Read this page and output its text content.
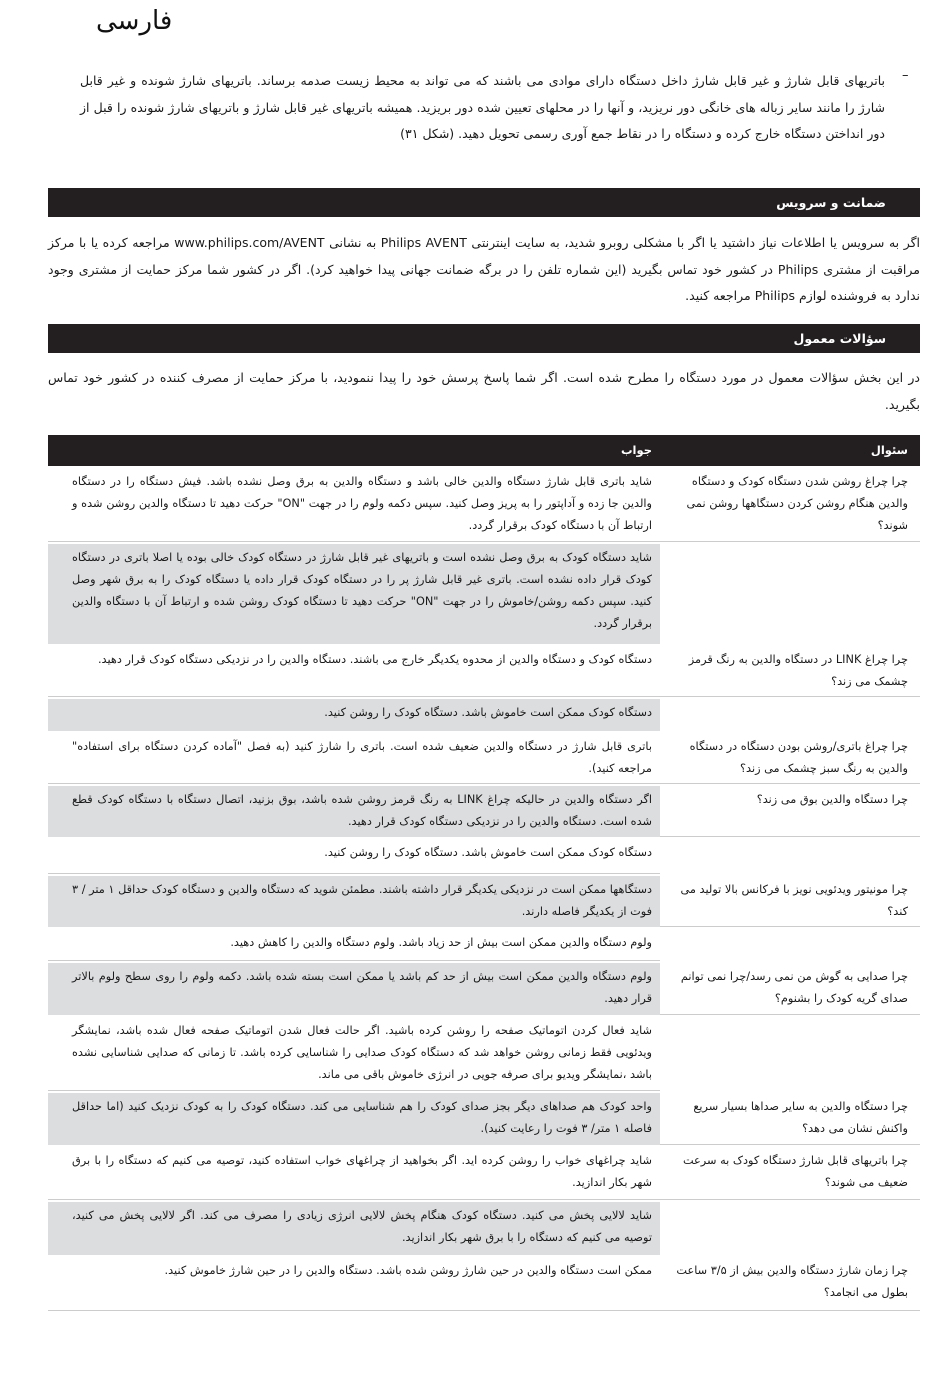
فارسی
–

باتریهای قابل شارژ و غیر قابل شارژ داخل دستگاه دارای موادی می باشند که می تواند به محیط زیست صدمه برساند. باتریهای شارژ شونده و غیر قابل شارژ را مانند سایر زباله های خانگی دور نریزید، و آنها را در محلهای تعیین شده دور بریزید. همیشه باتریهای غیر قابل شارژ و باتریهای شارژ شونده را قبل از دور انداختن دستگاه خارج کرده و دستگاه را در نقاط جمع آوری رسمی تحویل دهید. (شکل ۳۱)

ضمانت و سرویس

اگر به سرویس یا اطلاعات نیاز داشتید یا اگر با مشکلی روبرو شدید، به سایت اینترنتی Philips AVENT به نشانی www.philips.com/AVENT مراجعه کرده یا با مرکز مراقبت از مشتری Philips در کشور خود تماس بگیرید (این شماره تلفن را در برگه ضمانت جهانی پیدا خواهید کرد). اگر در کشور شما مرکز حمایت از مشتری وجود ندارد به فروشنده لوازم Philips مراجعه کنید.

سؤالات معمول

در این بخش سؤالات معمول در مورد دستگاه را مطرح شده است. اگر شما پاسخ پرسش خود را پیدا ننمودید، با مرکز حمایت از مصرف کننده در کشور خود تماس بگیرید.

سئوال
جواب
چرا چراغ روشن شدن دستگاه کودک و دستگاه والدین هنگام روشن کردن دستگاهها روشن نمی شوند؟
شاید باتری قابل شارژ دستگاه والدین خالی باشد و دستگاه والدین به برق وصل نشده باشد. فیش دستگاه را در دستگاه والدین جا زده و آداپتور را به پریز وصل کنید. سپس دکمه ولوم را در جهت "ON" حرکت دهید تا دستگاه والدین روشن شده و ارتباط آن با دستگاه کودک برقرار گردد.
شاید دستگاه کودک به برق وصل نشده است و باتریهای غیر قابل شارژ در دستگاه کودک خالی بوده یا اصلا باتری در دستگاه کودک قرار داده نشده است. باتری غیر قابل شارژ پر را در دستگاه کودک قرار داده یا دستگاه کودک را به برق شهر وصل کنید. سپس دکمه روشن/خاموش را در جهت "ON" حرکت دهید تا دستگاه کودک روشن شده و ارتباط آن با دستگاه والدین برقرار گردد.
چرا چراغ LINK در دستگاه والدین به رنگ قرمز چشمک می زند؟
دستگاه کودک و دستگاه والدین از محدوه یکدیگر خارج می باشند. دستگاه والدین را در نزدیکی دستگاه کودک قرار دهید.
دستگاه کودک ممکن است خاموش باشد. دستگاه کودک را روشن کنید.
چرا چراغ باتری/روشن بودن دستگاه در دستگاه والدین به رنگ سبز چشمک می زند؟
باتری قابل شارژ در دستگاه والدین ضعیف شده است. باتری را شارژ کنید (به فصل "آماده کردن دستگاه برای استفاده" مراجعه کنید).
چرا دستگاه والدین بوق می زند؟
اگر دستگاه والدین در حالیکه چراغ LINK به رنگ قرمز روشن شده باشد، بوق بزنید، اتصال دستگاه با دستگاه کودک قطع شده است. دستگاه والدین را در نزدیکی دستگاه کودک قرار دهید.
دستگاه کودک ممکن است خاموش باشد. دستگاه کودک را روشن کنید.
چرا مونیتور ویدئویی نویز با فرکانس بالا تولید می کند؟
دستگاهها ممکن است در نزدیکی یکدیگر قرار داشته باشند. مطمئن شوید که دستگاه والدین و دستگاه کودک حداقل ۱ متر / ۳ فوت از یکدیگر فاصله دارند.
ولوم دستگاه والدین ممکن است بیش از حد زیاد باشد. ولوم دستگاه والدین را کاهش دهید.
چرا صدایی به گوش من نمی رسد/چرا نمی توانم صدای گریه کودک را بشنوم؟
ولوم دستگاه والدین ممکن است بیش از حد کم باشد یا ممکن است بسته شده باشد. دکمه ولوم را روی سطح ولوم بالاتر قرار دهید.
شاید فعال کردن اتوماتیک صفحه را روشن کرده باشید. اگر حالت فعال شدن اتوماتیک صفحه فعال شده باشد، نمایشگر ویدئویی فقط زمانی روشن خواهد شد که دستگاه کودک صدایی را شناسایی کرده باشد. تا زمانی که صدایی شناسایی نشده باشد ،نمایشگر ویدیو برای صرفه جویی در انرژی خاموش باقی می ماند.
چرا دستگاه والدین به سایر صداها بسیار سریع واکنش نشان می دهد؟
واحد کودک هم صداهای دیگر بجز صدای کودک را هم شناسایی می کند. دستگاه کودک را به کودک نزدیک کنید (اما حداقل فاصله ۱ متر/ ۳ فوت را رعایت کنید).
چرا باتریهای قابل شارژ دستگاه کودک به سرعت ضعیف می شوند؟
شاید چراغهای خواب را روشن کرده اید. اگر بخواهید از چراغهای خواب استفاده کنید، توصیه می کنیم که دستگاه را با برق شهر بکار اندازید.
شاید لالایی پخش می کنید. دستگاه کودک هنگام پخش لالایی انرژی زیادی را مصرف می کند. اگر لالایی پخش می کنید، توصیه می کنیم که دستگاه را با برق شهر بکار اندازید.
چرا زمان شارژ دستگاه والدین بیش از ۳/۵ ساعت بطول می انجامد؟
ممکن است دستگاه والدین در حین شارژ روشن شده باشد. دستگاه والدین را در حین شارژ خاموش کنید.
